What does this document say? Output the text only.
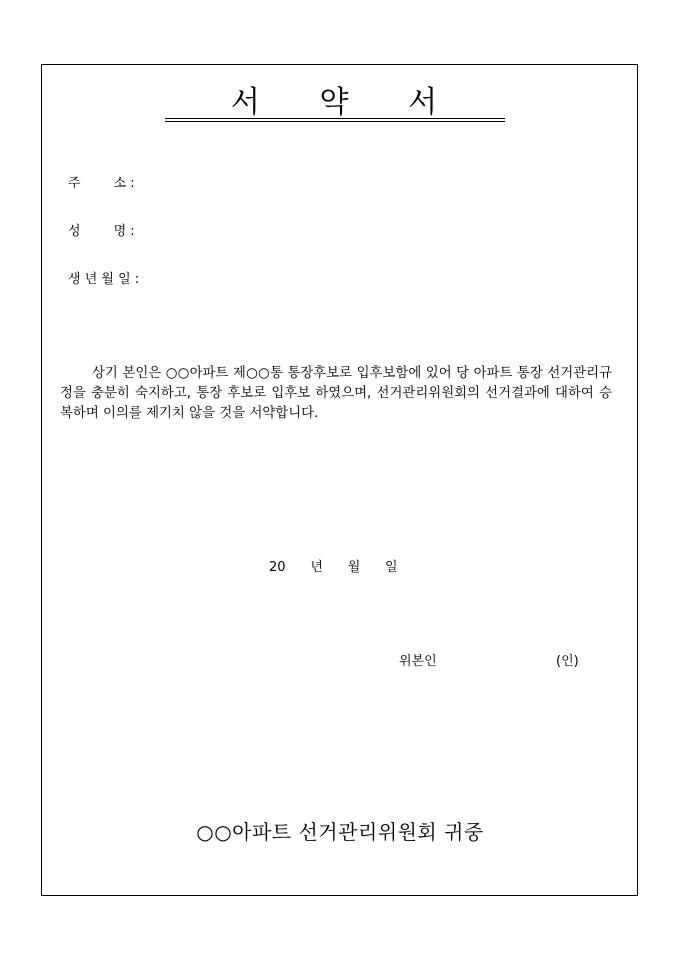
서     약     서
주        소 :
성        명 :
생 년 월 일 :
상기 본인은 ○○아파트 제○○통 통장후보로 입후보함에 있어 당 아파트 통장 선거관리규정을 충분히 숙지하고, 통장 후보로 입후보 하였으며, 선거관리위원회의 선거결과에 대하여 승복하며 이의를 제기치 않을 것을 서약합니다.
20      년      월      일
위본인	(인)
○○아파트 선거관리위원회 귀중
